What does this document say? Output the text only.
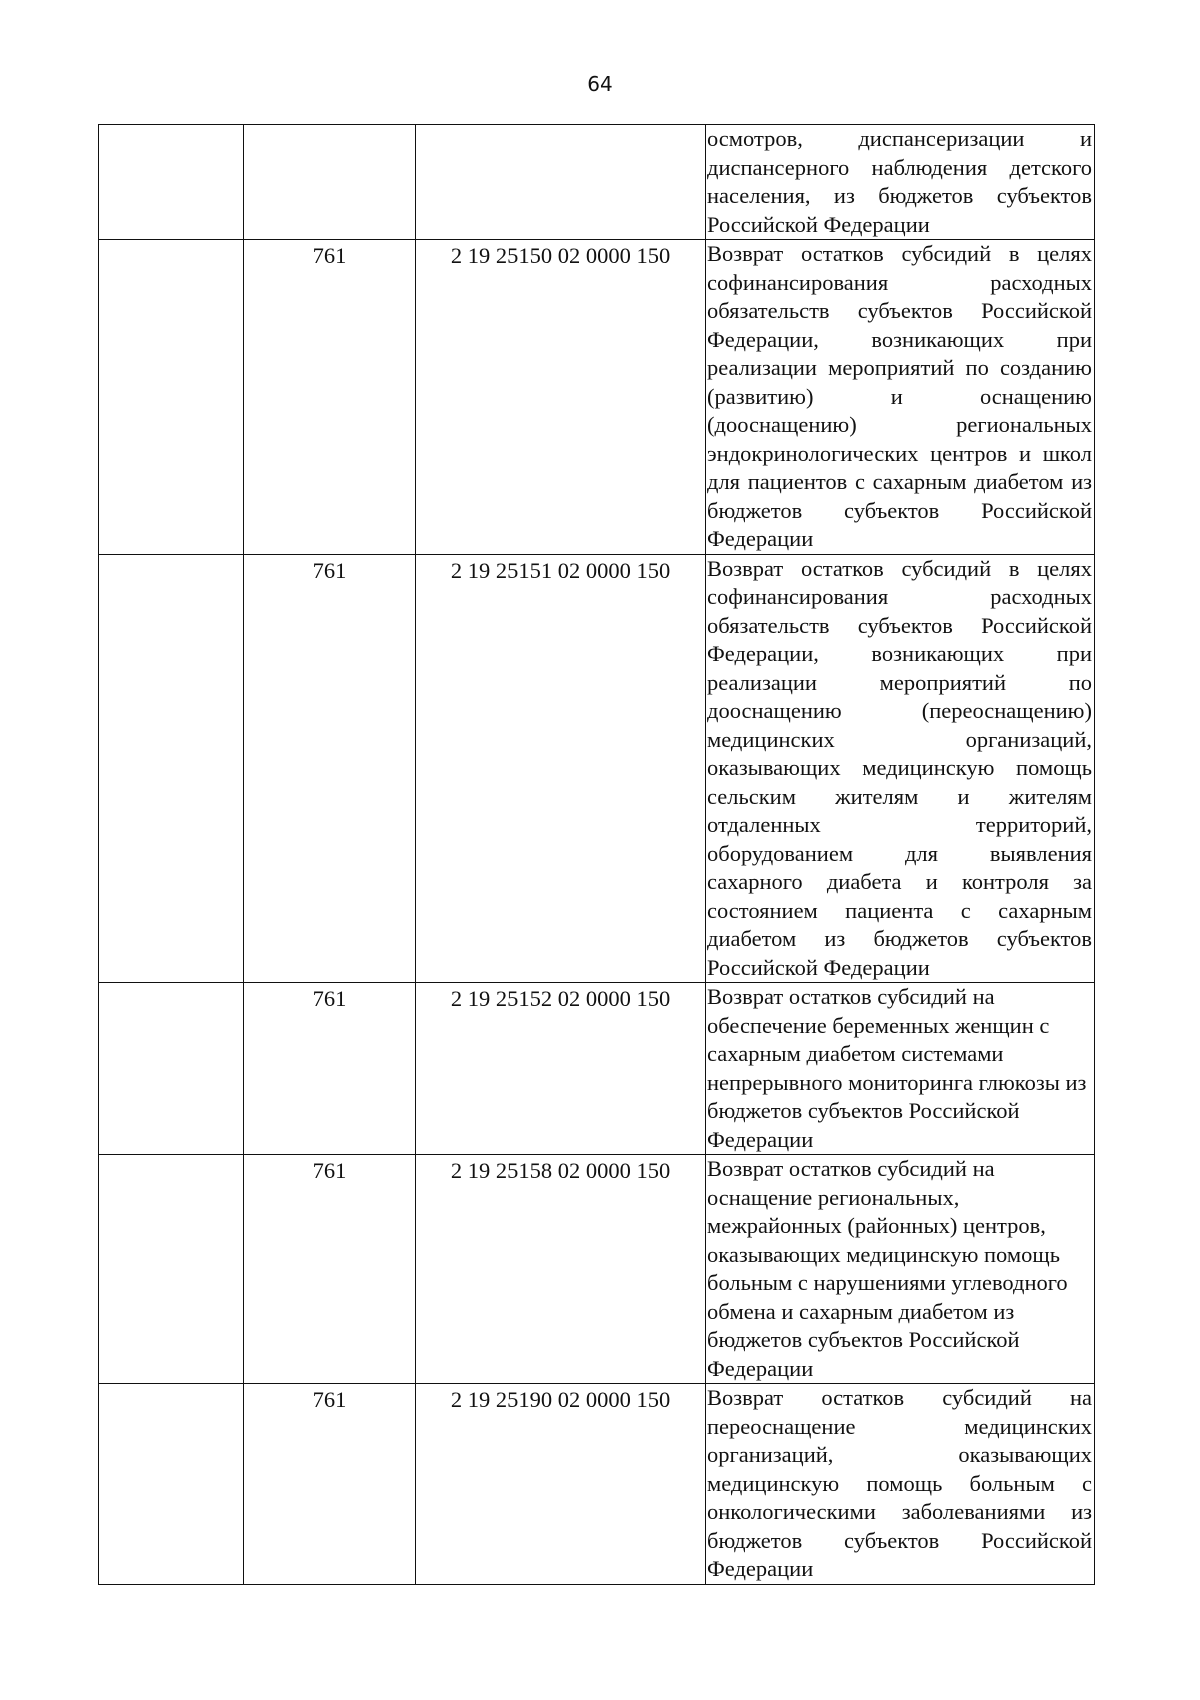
64
			осмотров, диспансеризации и диспансерного наблюдения детского населения, из бюджетов субъектов Российской Федерации
	761	2 19 25150 02 0000 150	Возврат остатков субсидий в целях софинансирования расходных обязательств субъектов Российской Федерации, возникающих при реализации мероприятий по созданию (развитию) и оснащению (дооснащению) региональных эндокринологических центров и школ для пациентов с сахарным диабетом из бюджетов субъектов Российской Федерации
	761	2 19 25151 02 0000 150	Возврат остатков субсидий в целях софинансирования расходных обязательств субъектов Российской Федерации, возникающих при реализации мероприятий по дооснащению (переоснащению) медицинских организаций, оказывающих медицинскую помощь сельским жителям и жителям отдаленных территорий, оборудованием для выявления сахарного диабета и контроля за состоянием пациента с сахарным диабетом из бюджетов субъектов Российской Федерации
	761	2 19 25152 02 0000 150	Возврат остатков субсидий на обеспечение беременных женщин с сахарным диабетом системами непрерывного мониторинга глюкозы из бюджетов субъектов Российской Федерации
	761	2 19 25158 02 0000 150	Возврат остатков субсидий на оснащение региональных, межрайонных (районных) центров, оказывающих медицинскую помощь больным с нарушениями углеводного обмена и сахарным диабетом из бюджетов субъектов Российской Федерации
	761	2 19 25190 02 0000 150	Возврат остатков субсидий на переоснащение медицинских организаций, оказывающих медицинскую помощь больным с онкологическими заболеваниями из бюджетов субъектов Российской Федерации
